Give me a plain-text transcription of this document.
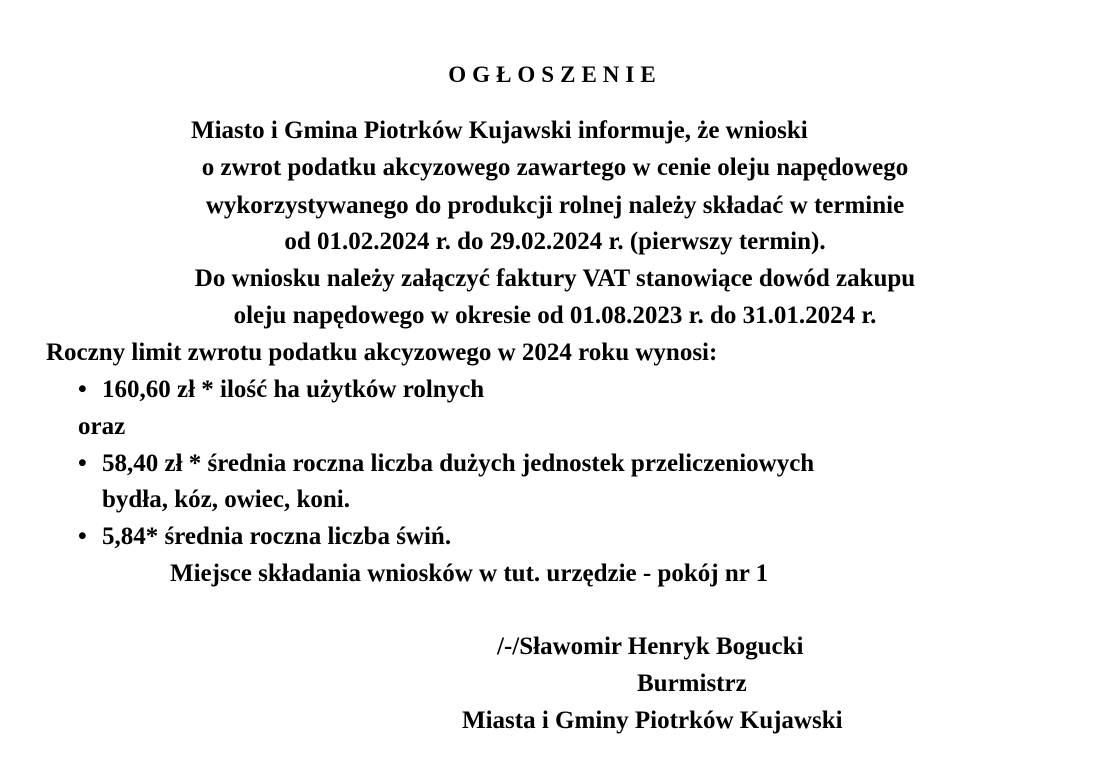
OGŁOSZENIE
Miasto i Gmina Piotrków Kujawski informuje, że wnioski
o zwrot podatku akcyzowego zawartego w cenie oleju napędowego
wykorzystywanego do produkcji rolnej należy składać w terminie
od 01.02.2024 r. do 29.02.2024 r. (pierwszy termin).
Do wniosku należy załączyć faktury VAT stanowiące dowód zakupu
oleju napędowego w okresie od 01.08.2023 r. do 31.01.2024 r.
Roczny limit zwrotu podatku akcyzowego w 2024 roku wynosi:
• 160,60 zł * ilość ha użytków rolnych
oraz
• 58,40 zł * średnia roczna liczba dużych jednostek przeliczeniowych
bydła, kóz, owiec, koni.
• 5,84* średnia roczna liczba świń.
Miejsce składania wniosków w tut. urzędzie - pokój nr 1
/-/Sławomir Henryk Bogucki
Burmistrz
Miasta i Gminy Piotrków Kujawski
